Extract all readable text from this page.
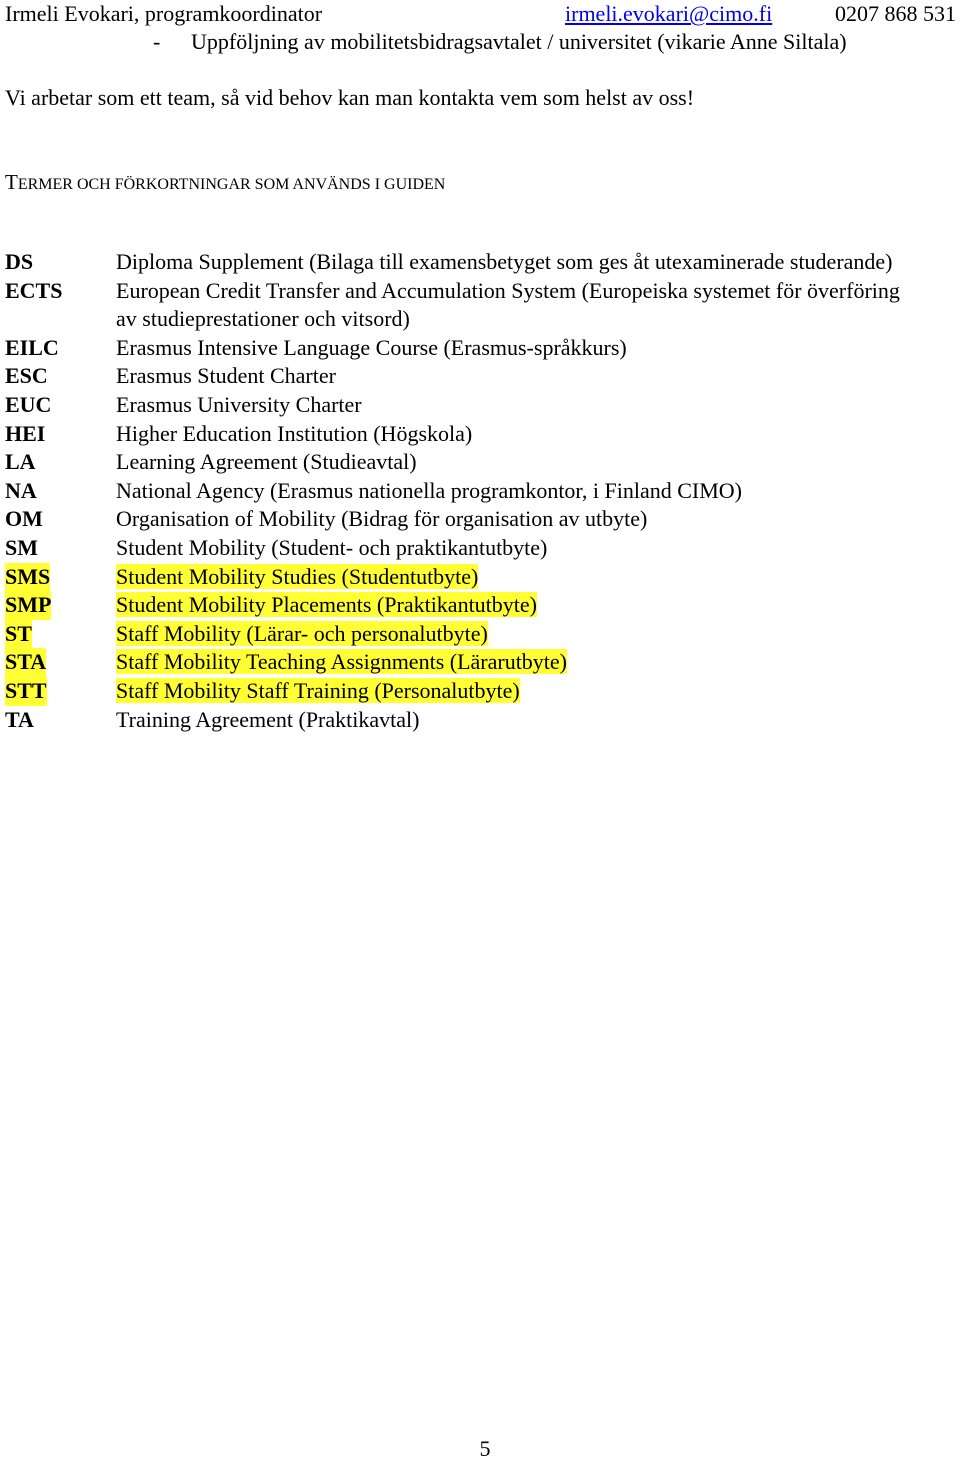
Irmeli Evokari, programkoordinator	irmeli.evokari@cimo.fi	0207 868 531
- Uppföljning av mobilitetsbidragsavtalet / universitet (vikarie Anne Siltala)
Vi arbetar som ett team, så vid behov kan man kontakta vem som helst av oss!
TERMER OCH FÖRKORTNINGAR SOM ANVÄNDS I GUIDEN
DS	Diploma Supplement (Bilaga till examensbetyget som ges åt utexaminerade studerande)
ECTS European Credit Transfer and Accumulation System (Europeiska systemet för överföring av studieprestationer och vitsord)
EILC	Erasmus Intensive Language Course (Erasmus-språkkurs)
ESC	Erasmus Student Charter
EUC	Erasmus University Charter
HEI	Higher Education Institution (Högskola)
LA	Learning Agreement (Studieavtal)
NA	National Agency (Erasmus nationella programkontor, i Finland CIMO)
OM	Organisation of Mobility (Bidrag för organisation av utbyte)
SM	Student Mobility (Student- och praktikantutbyte)
SMS	Student Mobility Studies (Studentutbyte)
SMP	Student Mobility Placements (Praktikantutbyte)
ST	Staff Mobility (Lärar- och personalutbyte)
STA	Staff Mobility Teaching Assignments (Lärarutbyte)
STT	Staff Mobility Staff Training (Personalutbyte)
TA	Training Agreement (Praktikavtal)
5
